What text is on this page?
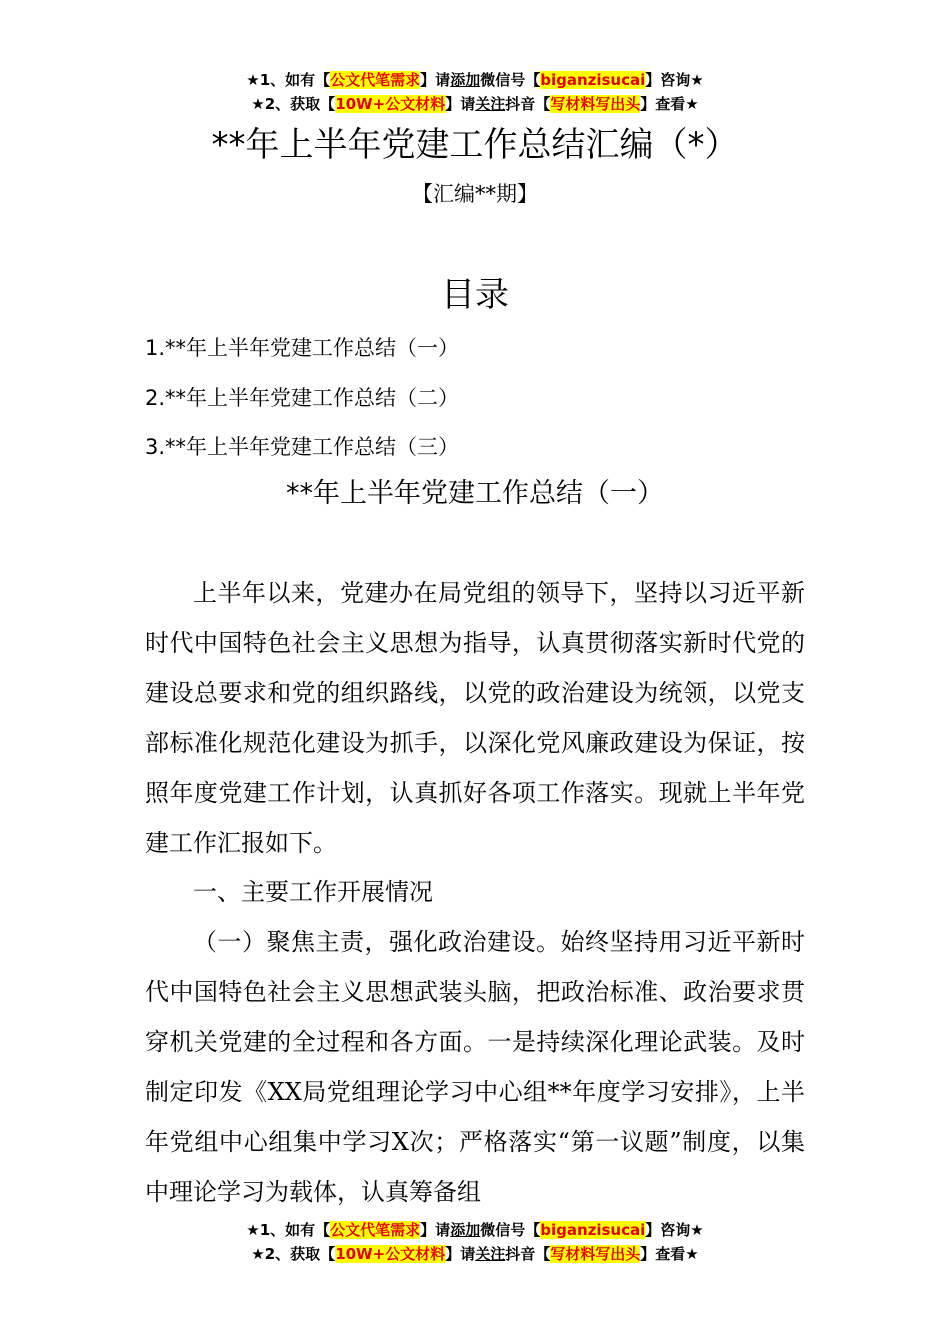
★1、如有【公文代笔需求】请添加微信号【biganzisucai】咨询★
★2、获取【10W+公文材料】请关注抖音【写材料写出头】查看★
**年上半年党建工作总结汇编（*）
【汇编**期】
目录
1.**年上半年党建工作总结（一）
2.**年上半年党建工作总结（二）
3.**年上半年党建工作总结（三）
**年上半年党建工作总结（一）

上半年以来，党建办在局党组的领导下，坚持以习近平新时代中国特色社会主义思想为指导，认真贯彻落实新时代党的建设总要求和党的组织路线，以党的政治建设为统领，以党支部标准化规范化建设为抓手，以深化党风廉政建设为保证，按照年度党建工作计划，认真抓好各项工作落实。现就上半年党建工作汇报如下。

一、主要工作开展情况

（一）聚焦主责，强化政治建设。始终坚持用习近平新时代中国特色社会主义思想武装头脑，把政治标准、政治要求贯穿机关党建的全过程和各方面。一是持续深化理论武装。及时制定印发《XX局党组理论学习中心组**年度学习安排》，上半年党组中心组集中学习X次；严格落实“第一议题”制度，以集中理论学习为载体，认真筹备组

★1、如有【公文代笔需求】请添加微信号【biganzisucai】咨询★
★2、获取【10W+公文材料】请关注抖音【写材料写出头】查看★
